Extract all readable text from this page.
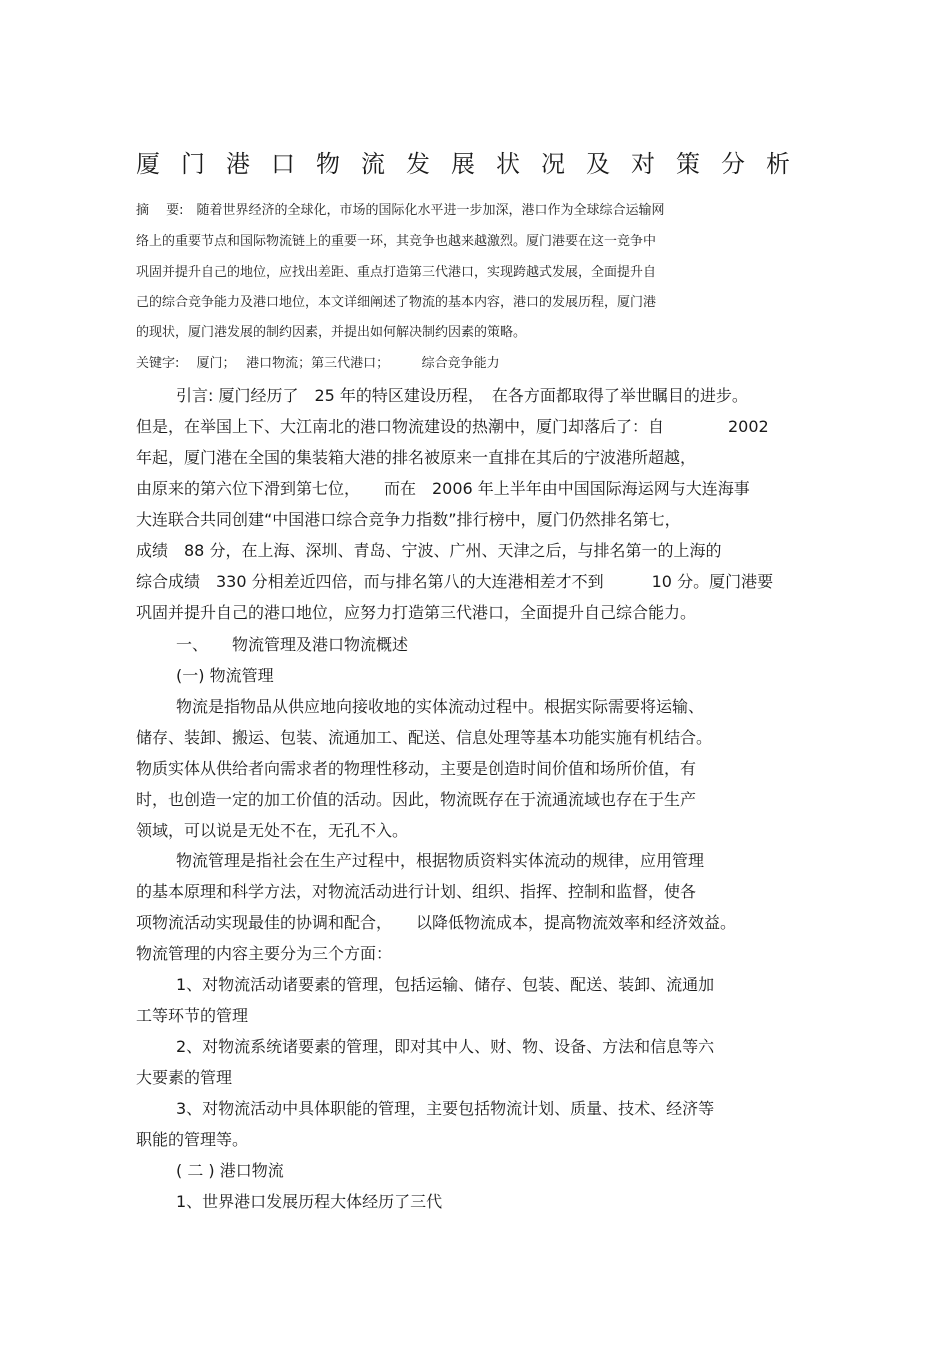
厦门港口物流发展状况及对策分析
摘　 要:　随着世界经济的全球化，市场的国际化水平进一步加深，港口作为全球综合运输网
络上的重要节点和国际物流链上的重要一环，其竞争也越来越激烈。厦门港要在这一竞争中
巩固并提升自己的地位，应找出差距、重点打造第三代港口，实现跨越式发展，全面提升自
己的综合竞争能力及港口地位，本文详细阐述了物流的基本内容，港口的发展历程，厦门港
的现状，厦门港发展的制约因素，并提出如何解决制约因素的策略。
关键字:　 厦门；　 港口物流；第三代港口；　　　综合竞争能力
引言: 厦门经历了　25 年的特区建设历程，　在各方面都取得了举世瞩目的进步。
但是，在举国上下、大江南北的港口物流建设的热潮中，厦门却落后了：自　　　　2002
年起，厦门港在全国的集装箱大港的排名被原来一直排在其后的宁波港所超越，
由原来的第六位下滑到第七位，　　而在　2006 年上半年由中国国际海运网与大连海事
大连联合共同创建“中国港口综合竞争力指数”排行榜中，厦门仍然排名第七，
成绩　88 分，在上海、深圳、青岛、宁波、广州、天津之后，与排名第一的上海的
综合成绩　330 分相差近四倍，而与排名第八的大连港相差才不到　　　10 分。厦门港要
巩固并提升自己的港口地位，应努力打造第三代港口，全面提升自己综合能力。
一、　　物流管理及港口物流概述
(一) 物流管理
物流是指物品从供应地向接收地的实体流动过程中。根据实际需要将运输、
储存、装卸、搬运、包装、流通加工、配送、信息处理等基本功能实施有机结合。
物质实体从供给者向需求者的物理性移动，主要是创造时间价值和场所价值，有
时，也创造一定的加工价值的活动。因此，物流既存在于流通流域也存在于生产
领域，可以说是无处不在，无孔不入。
物流管理是指社会在生产过程中，根据物质资料实体流动的规律，应用管理
的基本原理和科学方法，对物流活动进行计划、组织、指挥、控制和监督，使各
项物流活动实现最佳的协调和配合，　　以降低物流成本，提高物流效率和经济效益。
物流管理的内容主要分为三个方面：
1、对物流活动诸要素的管理，包括运输、储存、包装、配送、装卸、流通加
工等环节的管理
2、对物流系统诸要素的管理，即对其中人、财、物、设备、方法和信息等六
大要素的管理
3、对物流活动中具体职能的管理，主要包括物流计划、质量、技术、经济等
职能的管理等。
( 二 ) 港口物流
1、世界港口发展历程大体经历了三代
